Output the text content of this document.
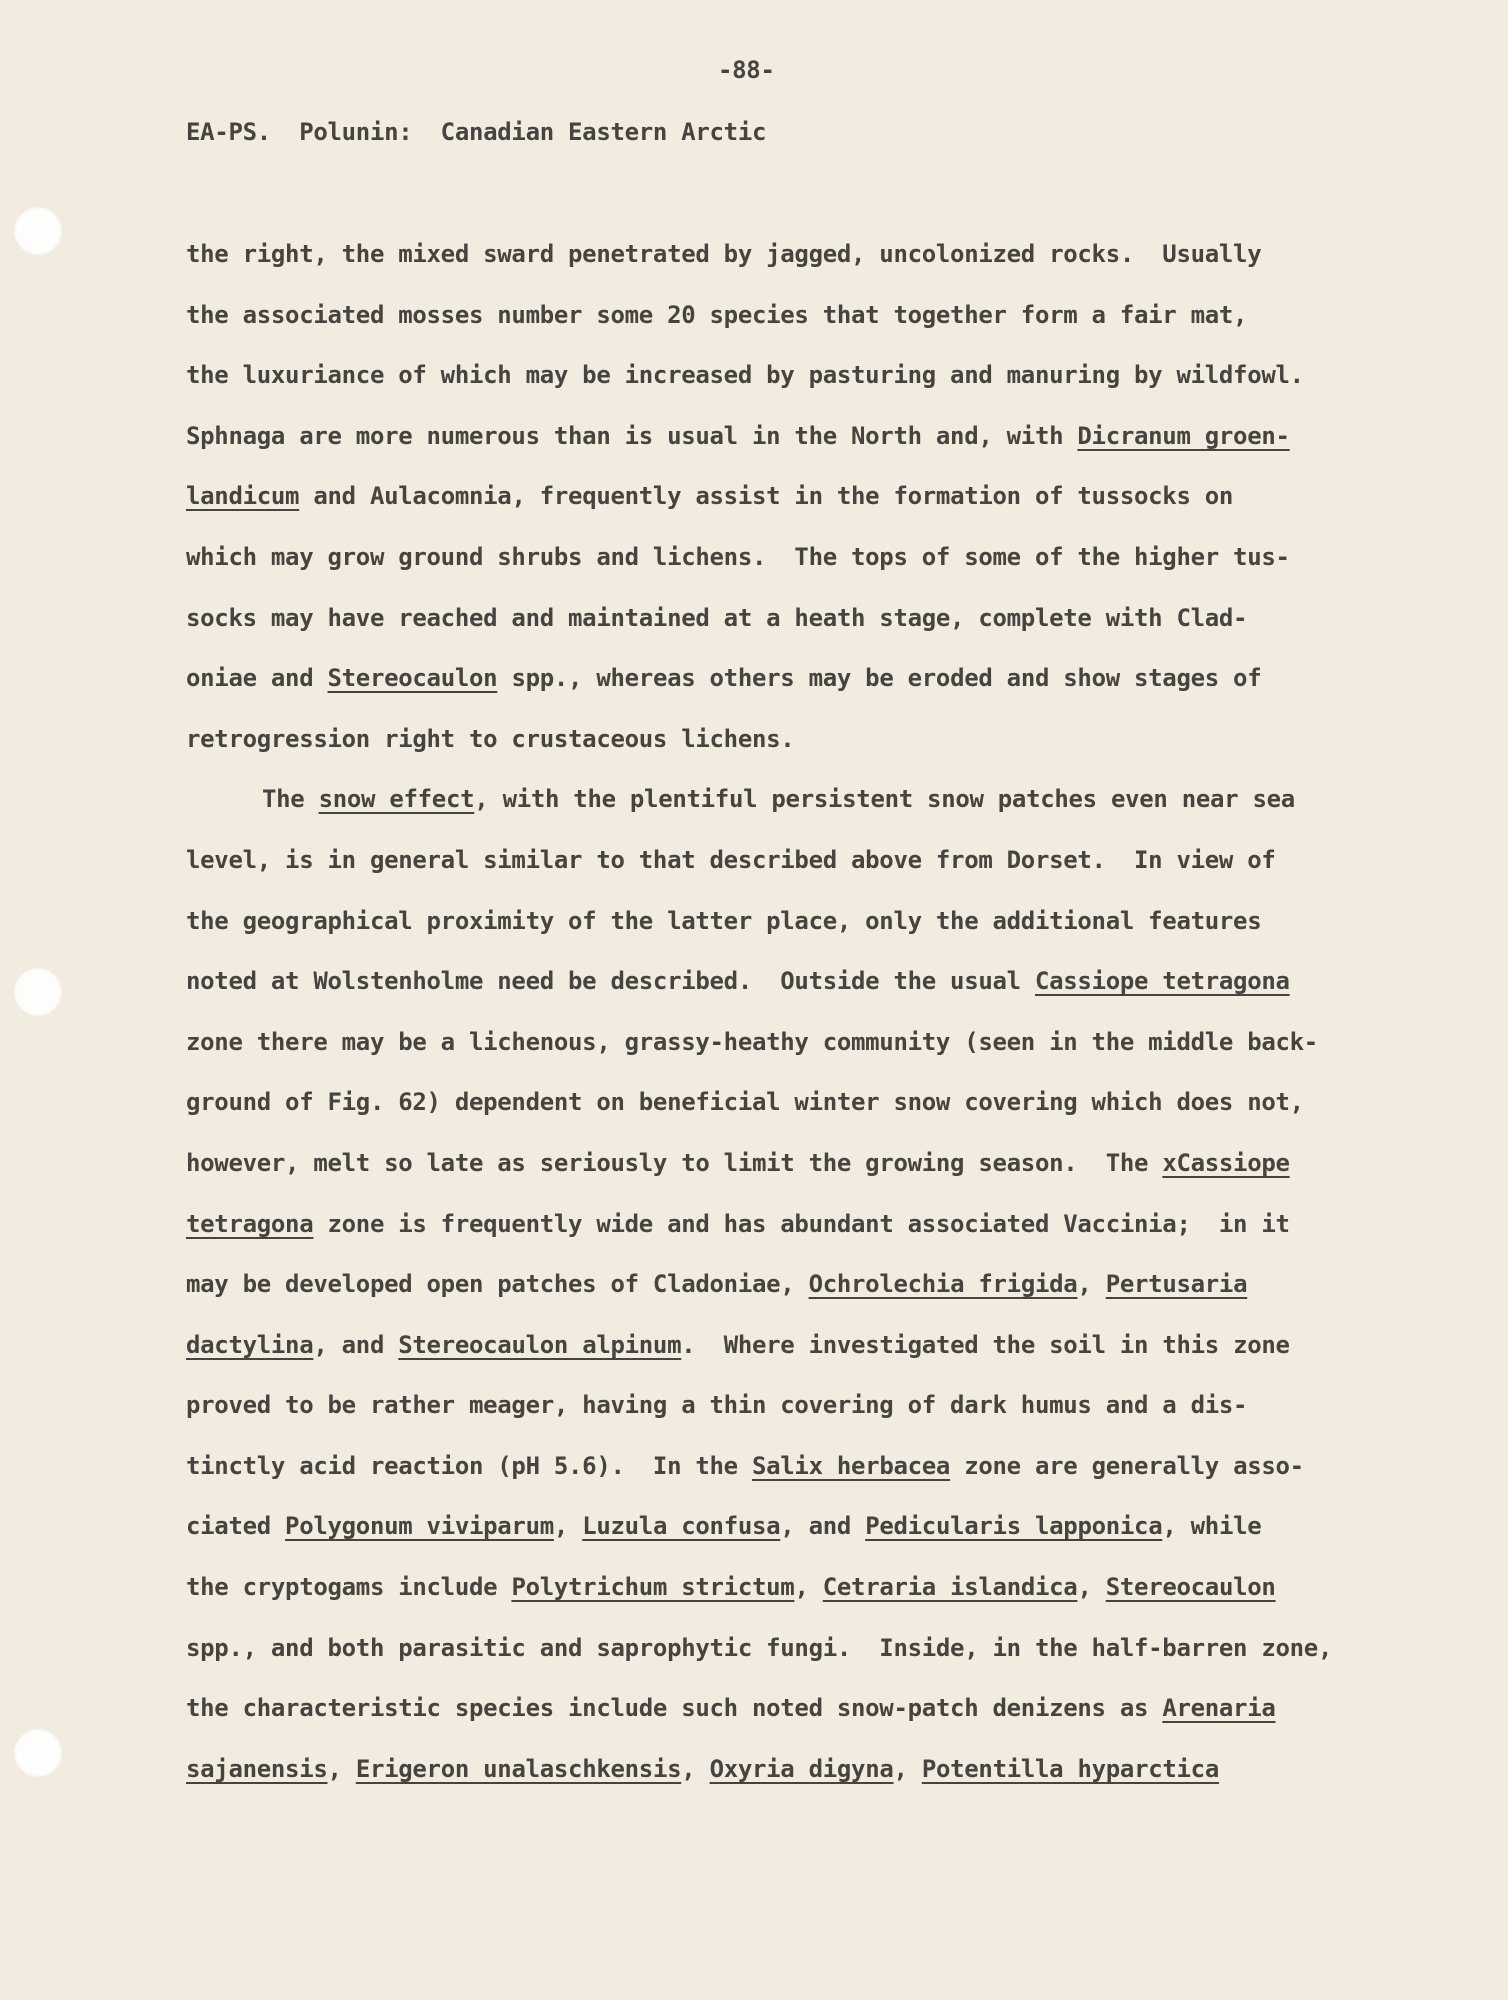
-88-
EA-PS.  Polunin:  Canadian Eastern Arctic
the right, the mixed sward penetrated by jagged, uncolonized rocks.  Usually
the associated mosses number some 20 species that together form a fair mat,
the luxuriance of which may be increased by pasturing and manuring by wildfowl.
Sphnaga are more numerous than is usual in the North and, with Dicranum groen-
landicum and Aulacomnia, frequently assist in the formation of tussocks on
which may grow ground shrubs and lichens.  The tops of some of the higher tus-
socks may have reached and maintained at a heath stage, complete with Clad-
oniae and Stereocaulon spp., whereas others may be eroded and show stages of
retrogression right to crustaceous lichens.
The snow effect, with the plentiful persistent snow patches even near sea
level, is in general similar to that described above from Dorset.  In view of
the geographical proximity of the latter place, only the additional features
noted at Wolstenholme need be described.  Outside the usual Cassiope tetragona
zone there may be a lichenous, grassy-heathy community (seen in the middle back-
ground of Fig. 62) dependent on beneficial winter snow covering which does not,
however, melt so late as seriously to limit the growing season.  The xCassiope
tetragona zone is frequently wide and has abundant associated Vaccinia;  in it
may be developed open patches of Cladoniae, Ochrolechia frigida, Pertusaria
dactylina, and Stereocaulon alpinum.  Where investigated the soil in this zone
proved to be rather meager, having a thin covering of dark humus and a dis-
tinctly acid reaction (pH 5.6).  In the Salix herbacea zone are generally asso-
ciated Polygonum viviparum, Luzula confusa, and Pedicularis lapponica, while
the cryptogams include Polytrichum strictum, Cetraria islandica, Stereocaulon
spp., and both parasitic and saprophytic fungi.  Inside, in the half-barren zone,
the characteristic species include such noted snow-patch denizens as Arenaria
sajanensis, Erigeron unalaschkensis, Oxyria digyna, Potentilla hyparctica
